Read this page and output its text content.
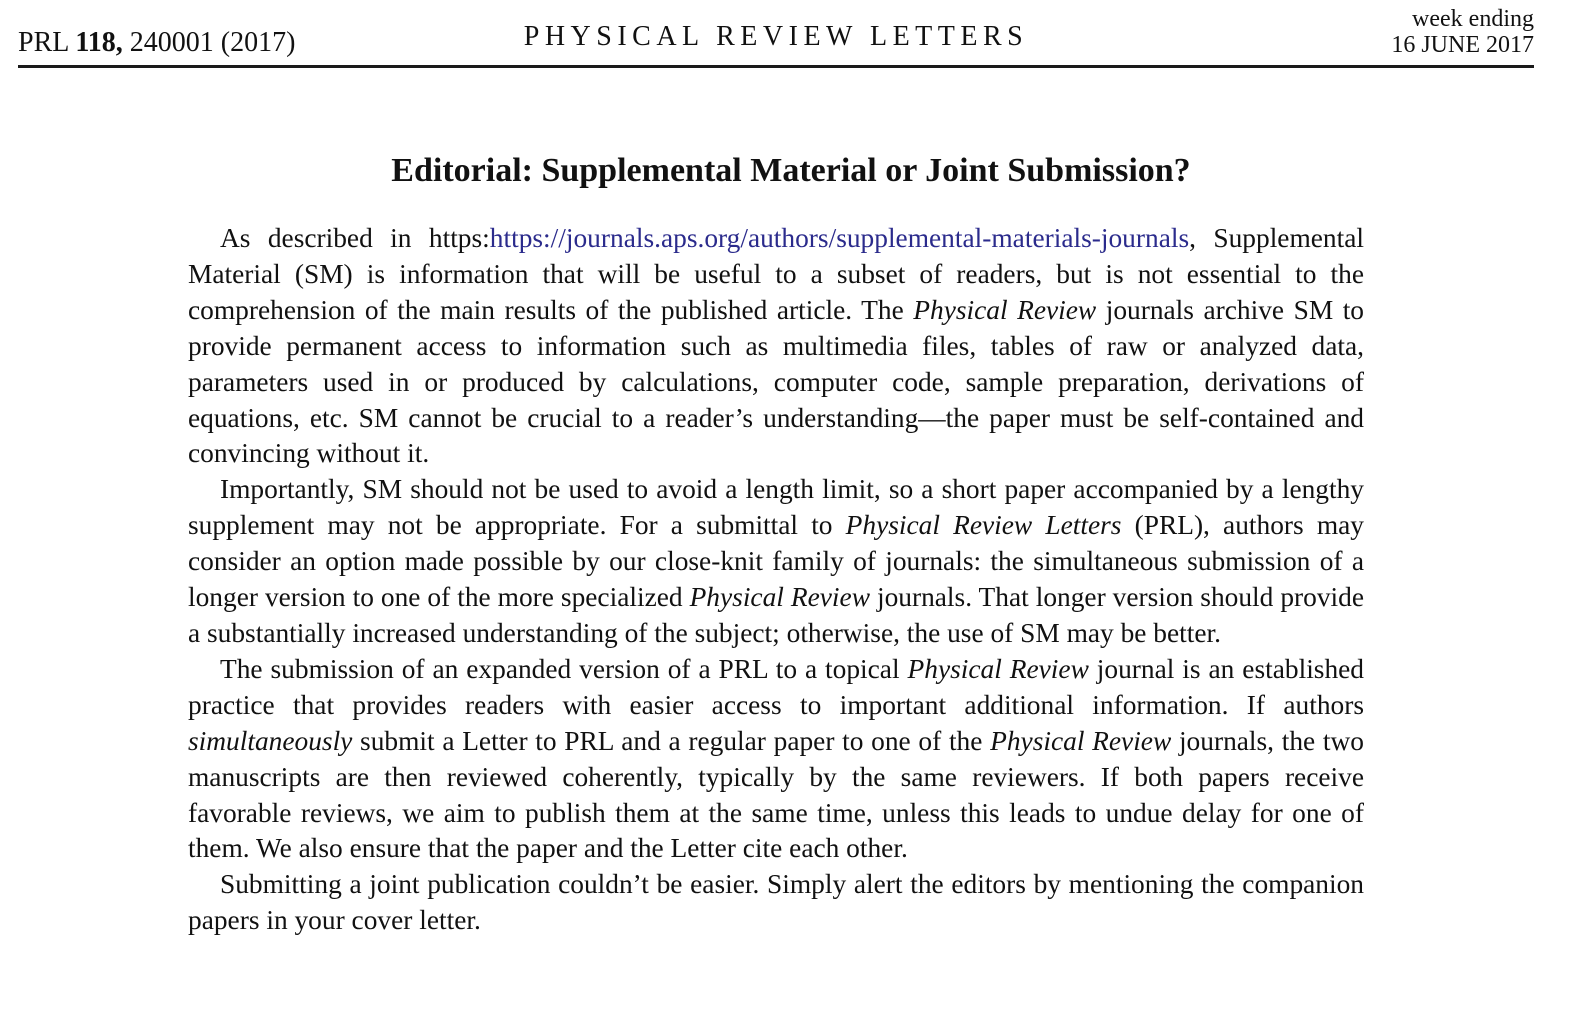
PRL 118, 240001 (2017)	PHYSICAL REVIEW LETTERS
week ending
16 JUNE 2017
Editorial: Supplemental Material or Joint Submission?

As described in https:https://journals.aps.org/authors/supplemental-materials-journals, Supplemental Material (SM) is information that will be useful to a subset of readers, but is not essential to the comprehension of the main results of the published article. The Physical Review journals archive SM to provide permanent access to information such as multimedia files, tables of raw or analyzed data, parameters used in or produced by calculations, computer code, sample preparation, derivations of equations, etc. SM cannot be crucial to a reader’s understanding—the paper must be self-contained and convincing without it.

Importantly, SM should not be used to avoid a length limit, so a short paper accompanied by a lengthy supplement may not be appropriate. For a submittal to Physical Review Letters (PRL), authors may consider an option made possible by our close-knit family of journals: the simultaneous submission of a longer version to one of the more specialized Physical Review journals. That longer version should provide a substantially increased understanding of the subject; otherwise, the use of SM may be better.

The submission of an expanded version of a PRL to a topical Physical Review journal is an established practice that provides readers with easier access to important additional information. If authors simultaneously submit a Letter to PRL and a regular paper to one of the Physical Review journals, the two manuscripts are then reviewed coherently, typically by the same reviewers. If both papers receive favorable reviews, we aim to publish them at the same time, unless this leads to undue delay for one of them. We also ensure that the paper and the Letter cite each other.

Submitting a joint publication couldn’t be easier. Simply alert the editors by mentioning the companion papers in your cover letter.
